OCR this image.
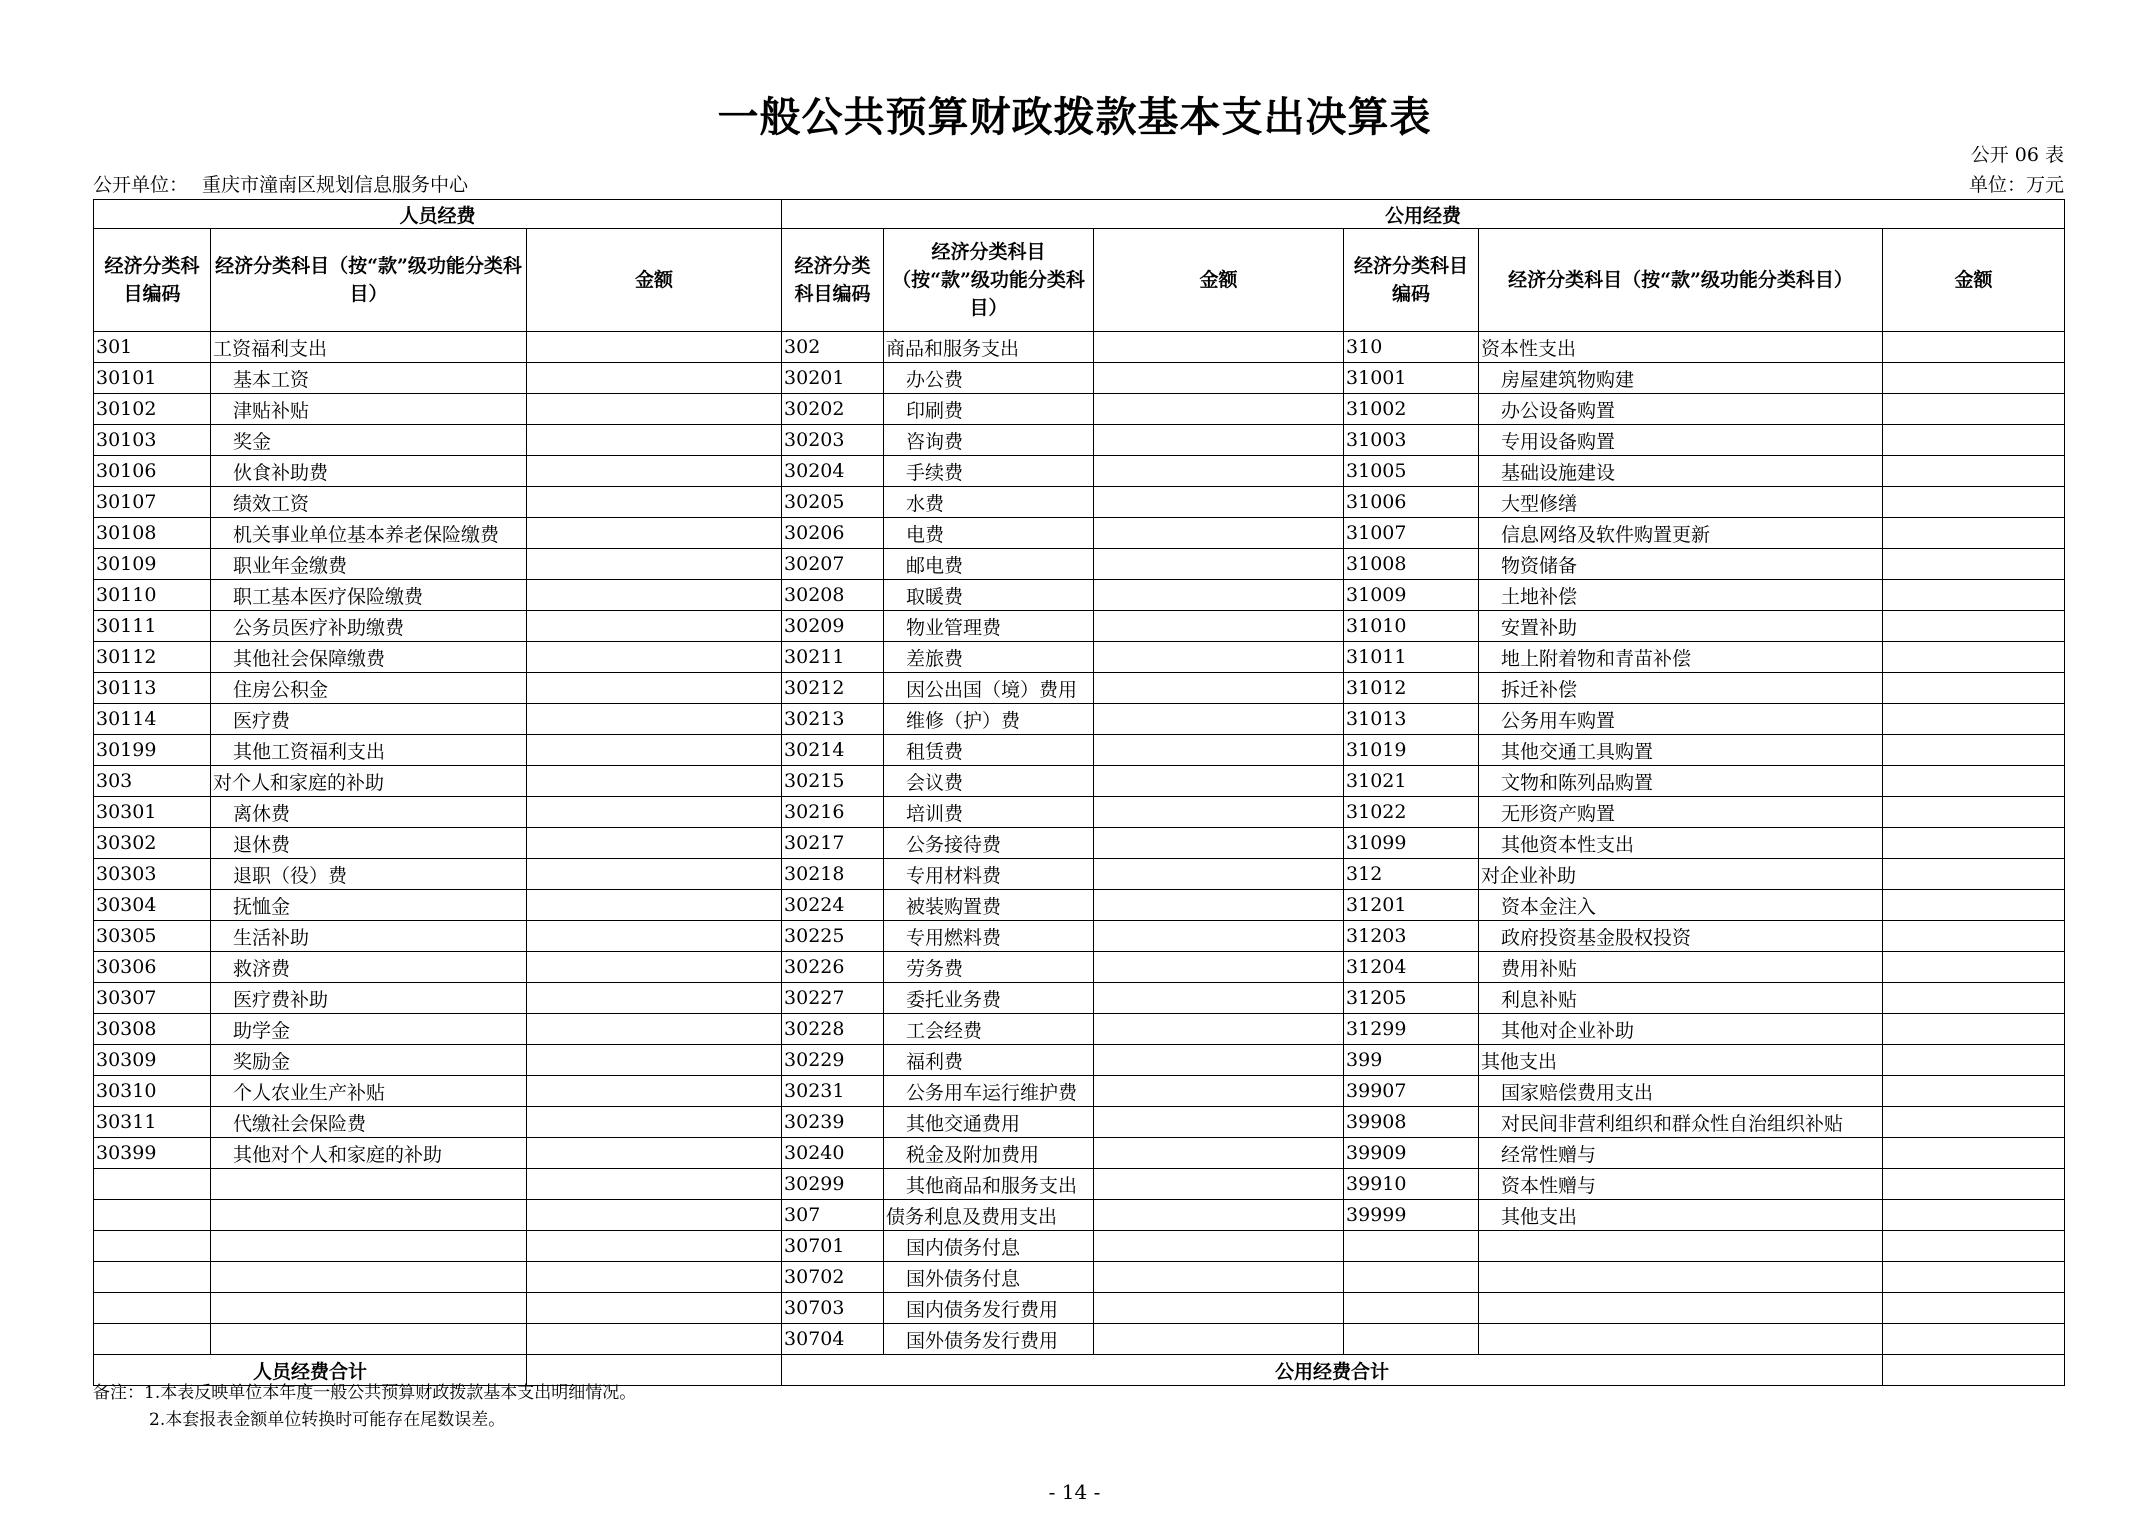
一般公共预算财政拨款基本支出决算表
公开 06 表
公开单位： 重庆市潼南区规划信息服务中心	单位：万元
人员经费			公用经费					
经济分类科目编码	经济分类科目（按“款”级功能分类科目）	金额	经济分类科目编码	经济分类科目（按“款”级功能分类科目）	金额	经济分类科目编码	经济分类科目（按“款”级功能分类科目）	金额
301	工资福利支出		302	商品和服务支出		310	资本性支出	
30101	基本工资		30201	办公费		31001	房屋建筑物购建	
30102	津贴补贴		30202	印刷费		31002	办公设备购置	
30103	奖金		30203	咨询费		31003	专用设备购置	
30106	伙食补助费		30204	手续费		31005	基础设施建设	
30107	绩效工资		30205	水费		31006	大型修缮	
30108	机关事业单位基本养老保险缴费		30206	电费		31007	信息网络及软件购置更新	
30109	职业年金缴费		30207	邮电费		31008	物资储备	
30110	职工基本医疗保险缴费		30208	取暖费		31009	土地补偿	
30111	公务员医疗补助缴费		30209	物业管理费		31010	安置补助	
30112	其他社会保障缴费		30211	差旅费		31011	地上附着物和青苗补偿	
30113	住房公积金		30212	因公出国（境）费用		31012	拆迁补偿	
30114	医疗费		30213	维修（护）费		31013	公务用车购置	
30199	其他工资福利支出		30214	租赁费		31019	其他交通工具购置	
303	对个人和家庭的补助		30215	会议费		31021	文物和陈列品购置	
30301	离休费		30216	培训费		31022	无形资产购置	
30302	退休费		30217	公务接待费		31099	其他资本性支出	
30303	退职（役）费		30218	专用材料费		312	对企业补助	
30304	抚恤金		30224	被装购置费		31201	资本金注入	
30305	生活补助		30225	专用燃料费		31203	政府投资基金股权投资	
30306	救济费		30226	劳务费		31204	费用补贴	
30307	医疗费补助		30227	委托业务费		31205	利息补贴	
30308	助学金		30228	工会经费		31299	其他对企业补助	
30309	奖励金		30229	福利费		399	其他支出	
30310	个人农业生产补贴		30231	公务用车运行维护费		39907	国家赔偿费用支出	
30311	代缴社会保险费		30239	其他交通费用		39908	对民间非营利组织和群众性自治组织补贴	
30399	其他对个人和家庭的补助		30240	税金及附加费用		39909	经常性赠与	
			30299	其他商品和服务支出		39910	资本性赠与	
			307	债务利息及费用支出		39999	其他支出	
			30701	国内债务付息				
			30702	国外债务付息				
			30703	国内债务发行费用				
			30704	国外债务发行费用				
人员经费合计			公用经费合计					
备注：1.本表反映单位本年度一般公共预算财政拨款基本支出明细情况。
2.本套报表金额单位转换时可能存在尾数误差。
- 14 -
